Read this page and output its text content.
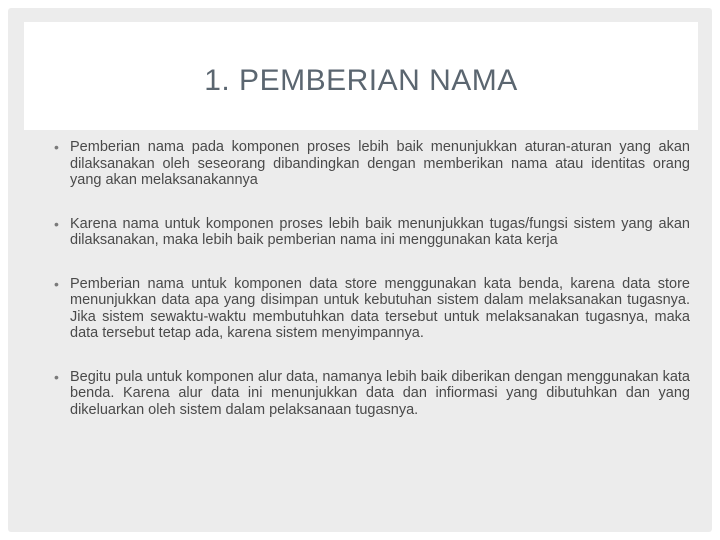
1. PEMBERIAN NAMA
• Pemberian nama pada komponen proses lebih baik menunjukkan aturan-aturan yang akan dilaksanakan oleh seseorang dibandingkan dengan memberikan nama atau identitas orang yang akan melaksanakannya
• Karena nama untuk komponen proses lebih baik menunjukkan tugas/fungsi sistem yang akan dilaksanakan, maka lebih baik pemberian nama ini menggunakan kata kerja
• Pemberian nama untuk komponen data store menggunakan kata benda, karena data store menunjukkan data apa yang disimpan untuk kebutuhan sistem dalam melaksanakan tugasnya. Jika sistem sewaktu-waktu membutuhkan data tersebut untuk melaksanakan tugasnya, maka data tersebut tetap ada, karena sistem menyimpannya.
• Begitu pula untuk komponen alur data, namanya lebih baik diberikan dengan menggunakan kata benda. Karena alur data ini menunjukkan data dan infiormasi yang dibutuhkan dan yang dikeluarkan oleh sistem dalam pelaksanaan tugasnya.
